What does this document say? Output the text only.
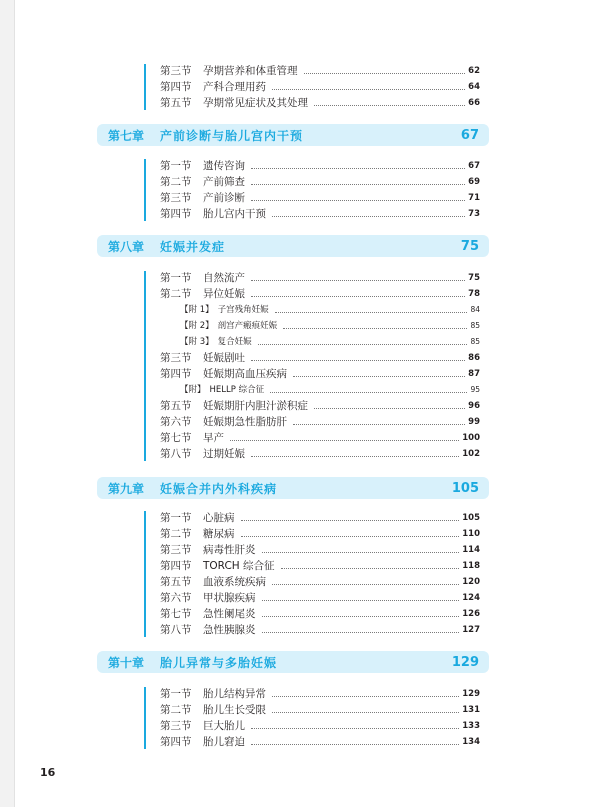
第三节	孕期营养和体重管理	62
第四节	产科合理用药	64
第五节	孕期常见症状及其处理	66
第七章	产前诊断与胎儿宫内干预	67
第一节	遗传咨询	67
第二节	产前筛查	69
第三节	产前诊断	71
第四节	胎儿宫内干预	73
第八章	妊娠并发症	75
第一节	自然流产	75
第二节	异位妊娠	78
【附 1】 子宫残角妊娠	84
【附 2】 剖宫产瘢痕妊娠	85
【附 3】 复合妊娠	85
第三节	妊娠剧吐	86
第四节	妊娠期高血压疾病	87
【附】 HELLP 综合征	95
第五节	妊娠期肝内胆汁淤积症	96
第六节	妊娠期急性脂肪肝	99
第七节	早产	100
第八节	过期妊娠	102
第九章	妊娠合并内外科疾病	105
第一节	心脏病	105
第二节	糖尿病	110
第三节	病毒性肝炎	114
第四节	TORCH 综合征	118
第五节	血液系统疾病	120
第六节	甲状腺疾病	124
第七节	急性阑尾炎	126
第八节	急性胰腺炎	127
第十章	胎儿异常与多胎妊娠	129
第一节	胎儿结构异常	129
第二节	胎儿生长受限	131
第三节	巨大胎儿	133
第四节	胎儿窘迫	134
16
